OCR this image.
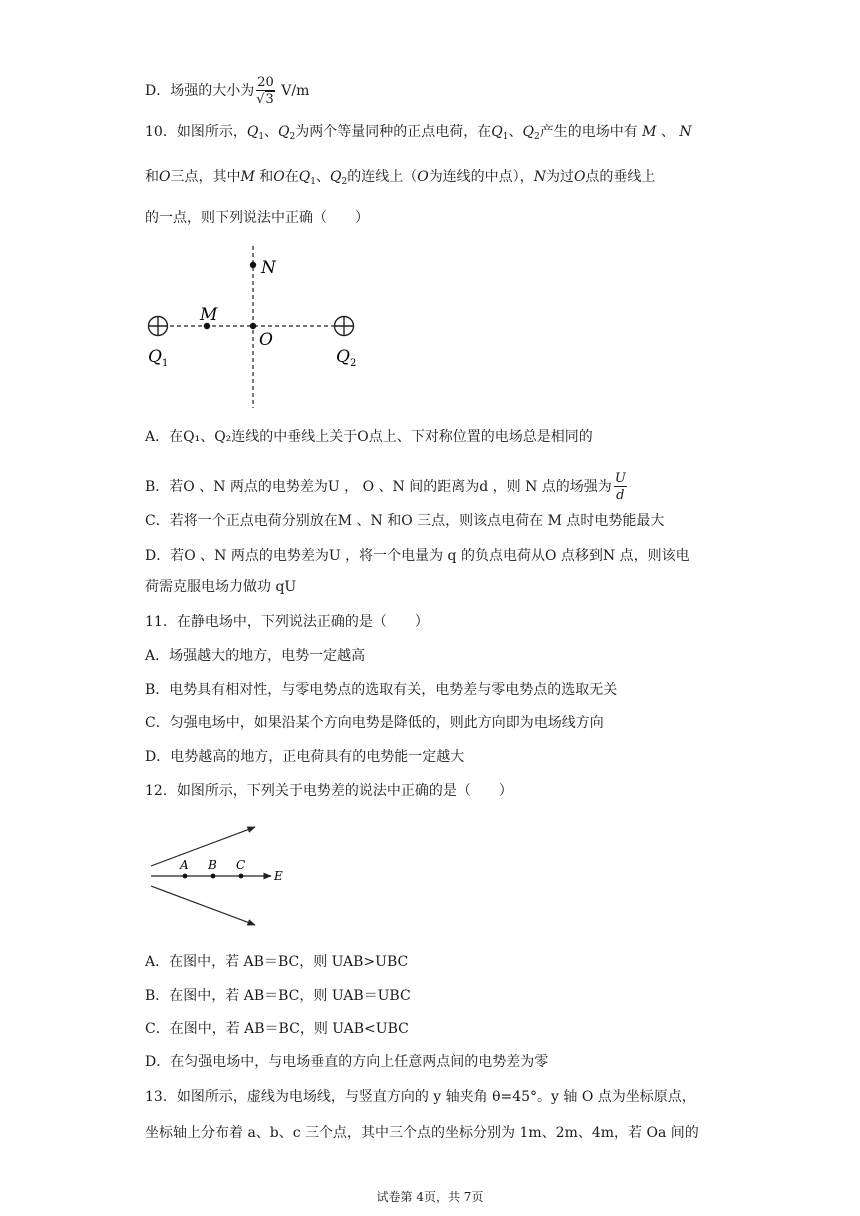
D．场强的大小为 $\frac{20}{√3} V/m$
10．如图所示，$Q_1$、$Q_2$为两个等量同种的正点电荷，在$Q_1$、$Q_2$产生的电场中有 M 、 N
和O三点，其中M 和O在$Q_1$、$Q_2$的连线上（O为连线的中点），N为过O点的垂线上
的一点，则下列说法中正确（　　）
N
M
O
Q 1	Q 2
A．在Q₁、Q₂连线的中垂线上关于O点上、下对称位置的电场总是相同的
B．若O 、N 两点的电势差为U ， O 、N 间的距离为d ，则 N 点的场强为 $\frac{U}{d}$
C．若将一个正点电荷分别放在M 、N 和O 三点，则该点电荷在 M 点时电势能最大
D．若O 、N 两点的电势差为U ，将一个电量为 q 的负点电荷从O 点移到N 点，则该电
荷需克服电场力做功 qU
11．在静电场中，下列说法正确的是（　　）
A．场强越大的地方，电势一定越高
B．电势具有相对性，与零电势点的选取有关，电势差与零电势点的选取无关
C．匀强电场中，如果沿某个方向电势是降低的，则此方向即为电场线方向
D．电势越高的地方，正电荷具有的电势能一定越大
12．如图所示，下列关于电势差的说法中正确的是（　　）
A B C
E
A．在图中，若 AB＝BC，则 UAB>UBC
B．在图中，若 AB＝BC，则 UAB＝UBC
C．在图中，若 AB＝BC，则 UAB<UBC
D．在匀强电场中，与电场垂直的方向上任意两点间的电势差为零
13．如图所示，虚线为电场线，与竖直方向的 y 轴夹角 θ=45°。y 轴 O 点为坐标原点，
坐标轴上分布着 a、b、c 三个点，其中三个点的坐标分别为 1m、2m、4m，若 Oa 间的
试卷第 4页，共 7页
